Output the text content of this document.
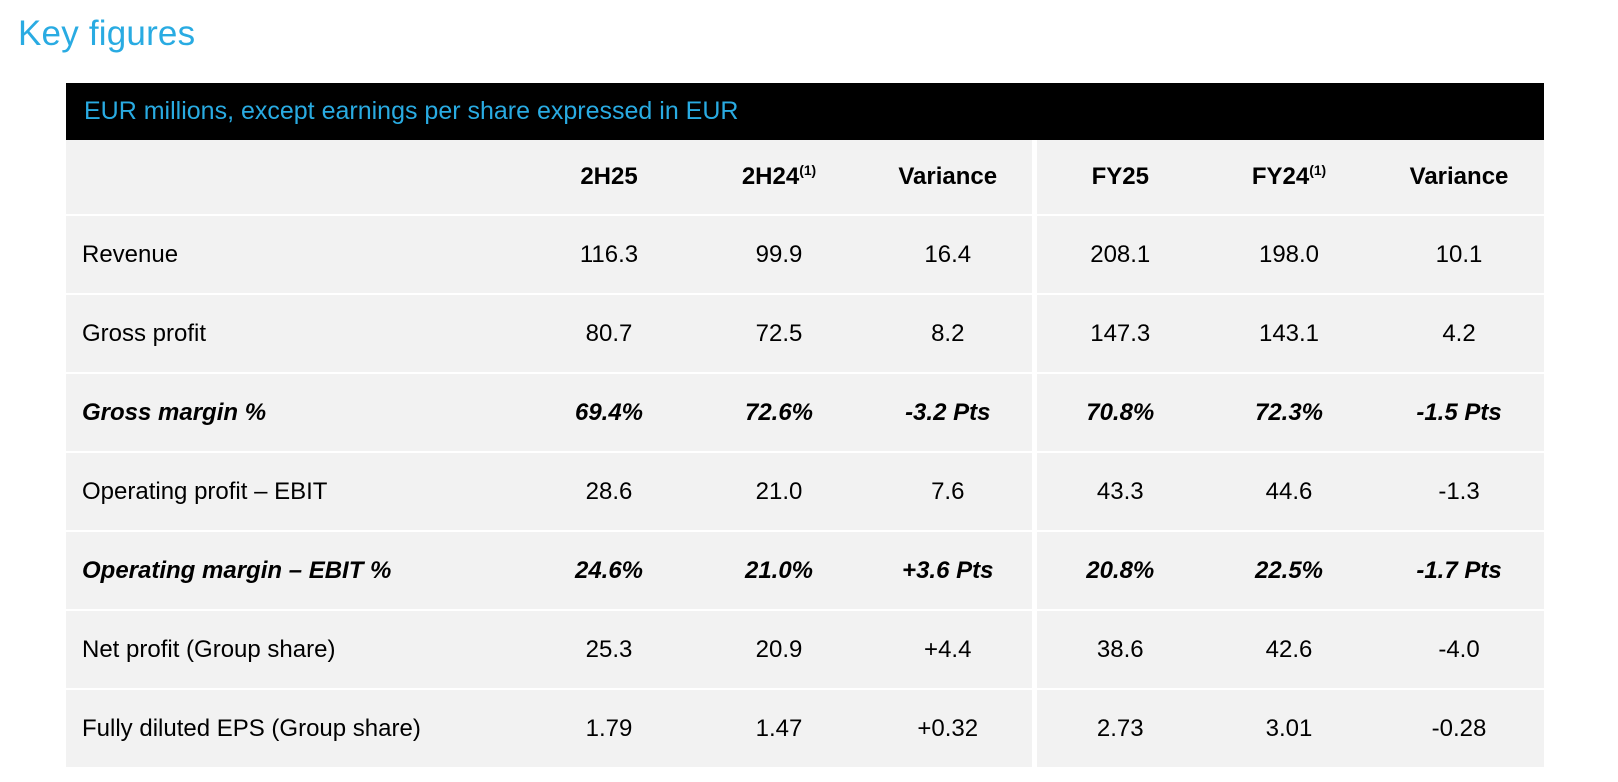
Key figures
EUR millions, except earnings per share expressed in EUR						

	2H25	2H24$^{(1)}$	Variance	FY25	FY24$^{(1)}$	Variance
Revenue	116.3	99.9	16.4	208.1	198.0	10.1
Gross profit	80.7	72.5	8.2	147.3	143.1	4.2
Gross margin %	69.4%	72.6%	-3.2 Pts	70.8%	72.3%	-1.5 Pts
Operating profit – EBIT	28.6	21.0	7.6	43.3	44.6	-1.3
Operating margin – EBIT %	24.6%	21.0%	+3.6 Pts	20.8%	22.5%	-1.7 Pts
Net profit (Group share)	25.3	20.9	+4.4	38.6	42.6	-4.0
Fully diluted EPS (Group share)	1.79	1.47	+0.32	2.73	3.01	-0.28
